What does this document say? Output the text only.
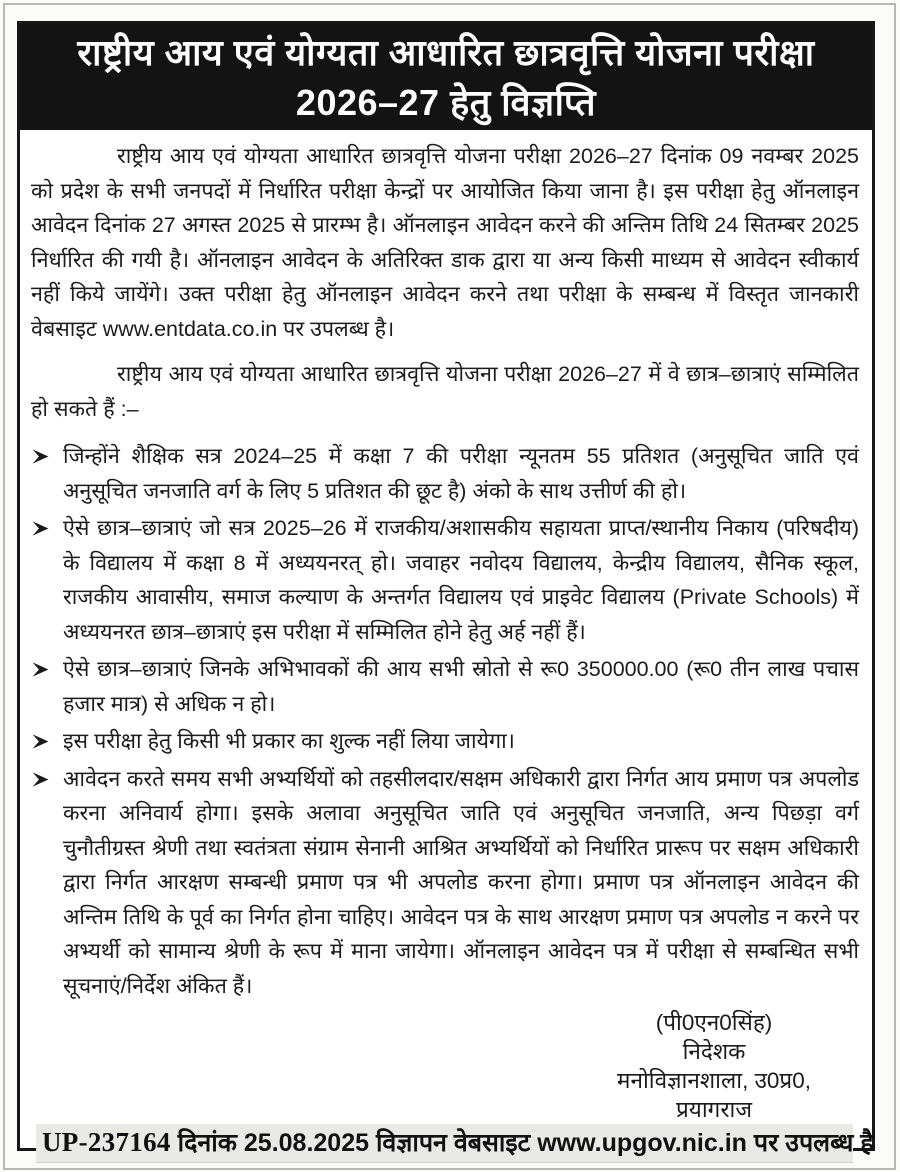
राष्ट्रीय आय एवं योग्यता आधारित छात्रवृत्ति योजना परीक्षा
2026–27 हेतु विज्ञप्ति

राष्ट्रीय आय एवं योग्यता आधारित छात्रवृत्ति योजना परीक्षा 2026–27 दिनांक 09 नवम्बर 2025 को प्रदेश के सभी जनपदों में निर्धारित परीक्षा केन्द्रों पर आयोजित किया जाना है। इस परीक्षा हेतु ऑनलाइन आवेदन दिनांक 27 अगस्त 2025 से प्रारम्भ है। ऑनलाइन आवेदन करने की अन्तिम तिथि 24 सितम्बर 2025 निर्धारित की गयी है। ऑनलाइन आवेदन के अतिरिक्त डाक द्वारा या अन्य किसी माध्यम से आवेदन स्वीकार्य नहीं किये जायेंगे। उक्त परीक्षा हेतु ऑनलाइन आवेदन करने तथा परीक्षा के सम्बन्ध में विस्तृत जानकारी वेबसाइट www.entdata.co.in पर उपलब्ध है।

राष्ट्रीय आय एवं योग्यता आधारित छात्रवृत्ति योजना परीक्षा 2026–27 में वे छात्र–छात्राएं सम्मिलित हो सकते हैं :–

जिन्होंने शैक्षिक सत्र 2024–25 में कक्षा 7 की परीक्षा न्यूनतम 55 प्रतिशत (अनुसूचित जाति एवं अनुसूचित जनजाति वर्ग के लिए 5 प्रतिशत की छूट है) अंको के साथ उत्तीर्ण की हो।
ऐसे छात्र–छात्राएं जो सत्र 2025–26 में राजकीय/अशासकीय सहायता प्राप्त/स्थानीय निकाय (परिषदीय) के विद्यालय में कक्षा 8 में अध्ययनरत् हो। जवाहर नवोदय विद्यालय, केन्द्रीय विद्यालय, सैनिक स्कूल, राजकीय आवासीय, समाज कल्याण के अन्तर्गत विद्यालय एवं प्राइवेट विद्यालय (Private Schools) में अध्ययनरत छात्र–छात्राएं इस परीक्षा में सम्मिलित होने हेतु अर्ह नहीं हैं।
ऐसे छात्र–छात्राएं जिनके अभिभावकों की आय सभी स्रोतो से रू0 350000.00 (रू0 तीन लाख पचास हजार मात्र) से अधिक न हो।
इस परीक्षा हेतु किसी भी प्रकार का शुल्क नहीं लिया जायेगा।
आवेदन करते समय सभी अभ्यर्थियों को तहसीलदार/सक्षम अधिकारी द्वारा निर्गत आय प्रमाण पत्र अपलोड करना अनिवार्य होगा। इसके अलावा अनुसूचित जाति एवं अनुसूचित जनजाति, अन्य पिछड़ा वर्ग चुनौतीग्रस्त श्रेणी तथा स्वतंत्रता संग्राम सेनानी आश्रित अभ्यर्थियों को निर्धारित प्रारूप पर सक्षम अधिकारी द्वारा निर्गत आरक्षण सम्बन्धी प्रमाण पत्र भी अपलोड करना होगा। प्रमाण पत्र ऑनलाइन आवेदन की अन्तिम तिथि के पूर्व का निर्गत होना चाहिए। आवेदन पत्र के साथ आरक्षण प्रमाण पत्र अपलोड न करने पर अभ्यर्थी को सामान्य श्रेणी के रूप में माना जायेगा। ऑनलाइन आवेदन पत्र में परीक्षा से सम्बन्धित सभी सूचनाएं/निर्देश अंकित हैं।
(पी0एन0सिंह)
निदेशक
मनोविज्ञानशाला, उ0प्र0,
प्रयागराज
UP-237164 दिनांक 25.08.2025 विज्ञापन वेबसाइट www.upgov.nic.in पर उपलब्ध है
